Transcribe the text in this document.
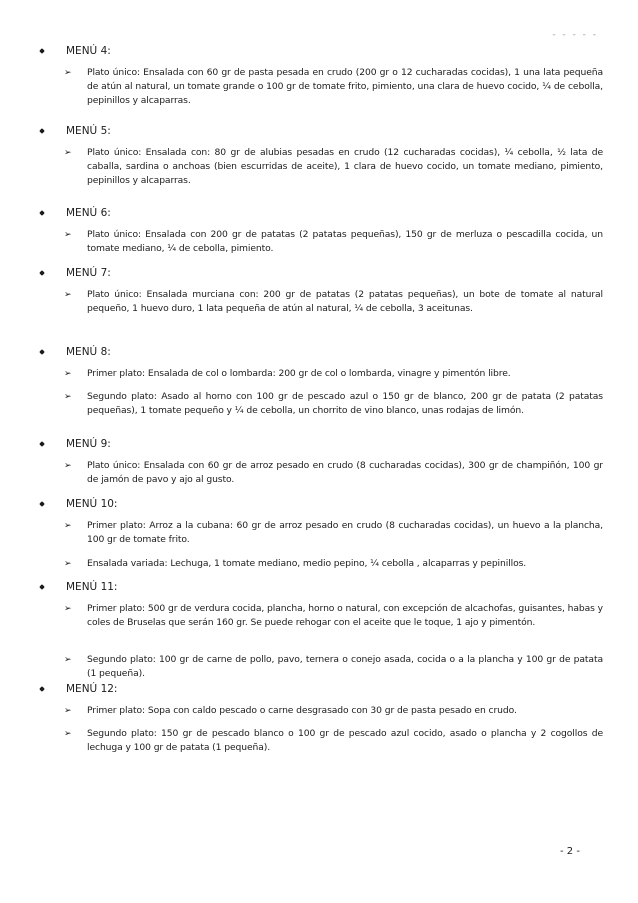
- - - - -
MENÚ 4:
➢ Plato único: Ensalada con 60 gr de pasta pesada en crudo (200 gr o 12 cucharadas cocidas), 1 una lata pequeña de atún al natural, un tomate grande o 100 gr de tomate frito, pimiento, una clara de huevo cocido, ¼ de cebolla, pepinillos y alcaparras.
MENÚ 5:
➢ Plato único: Ensalada con: 80 gr de alubias pesadas en crudo (12 cucharadas cocidas), ¼ cebolla, ½ lata de caballa, sardina o anchoas (bien escurridas de aceite), 1 clara de huevo cocido, un tomate mediano, pimiento, pepinillos y alcaparras.
MENÚ 6:
➢ Plato único: Ensalada con 200 gr de patatas (2 patatas pequeñas), 150 gr de merluza o pescadilla cocida, un tomate mediano, ¼ de cebolla, pimiento.
MENÚ 7:
➢ Plato único: Ensalada murciana con: 200 gr de patatas (2 patatas pequeñas), un bote de tomate al natural pequeño, 1 huevo duro, 1 lata pequeña de atún al natural, ¼ de cebolla, 3 aceitunas.
MENÚ 8:
➢ Primer plato: Ensalada de col o lombarda: 200 gr de col o lombarda, vinagre y pimentón libre.
➢ Segundo plato: Asado al horno con 100 gr de pescado azul o 150 gr de blanco, 200 gr de patata (2 patatas pequeñas), 1 tomate pequeño y ¼ de cebolla, un chorrito de vino blanco, unas rodajas de limón.
MENÚ 9:
➢ Plato único: Ensalada con 60 gr de arroz pesado en crudo (8 cucharadas cocidas), 300 gr de champiñón, 100 gr de jamón de pavo y ajo al gusto.
MENÚ 10:
➢ Primer plato: Arroz a la cubana: 60 gr de arroz pesado en crudo (8 cucharadas cocidas), un huevo a la plancha, 100 gr de tomate frito.
➢ Ensalada variada: Lechuga, 1 tomate mediano, medio pepino, ¼ cebolla , alcaparras y pepinillos.
MENÚ 11:
➢ Primer plato: 500 gr de verdura cocida, plancha, horno o natural, con excepción de alcachofas, guisantes, habas y coles de Bruselas que serán 160 gr. Se puede rehogar con el aceite que le toque, 1 ajo y pimentón.
➢ Segundo plato: 100 gr de carne de pollo, pavo, ternera o conejo asada, cocida o a la plancha y 100 gr de patata (1 pequeña).
MENÚ 12:
➢ Primer plato: Sopa con caldo pescado o carne desgrasado con 30 gr de pasta pesado en crudo.
➢ Segundo plato: 150 gr de pescado blanco o 100 gr de pescado azul cocido, asado o plancha y 2 cogollos de lechuga y 100 gr de patata (1 pequeña).
- 2 -
